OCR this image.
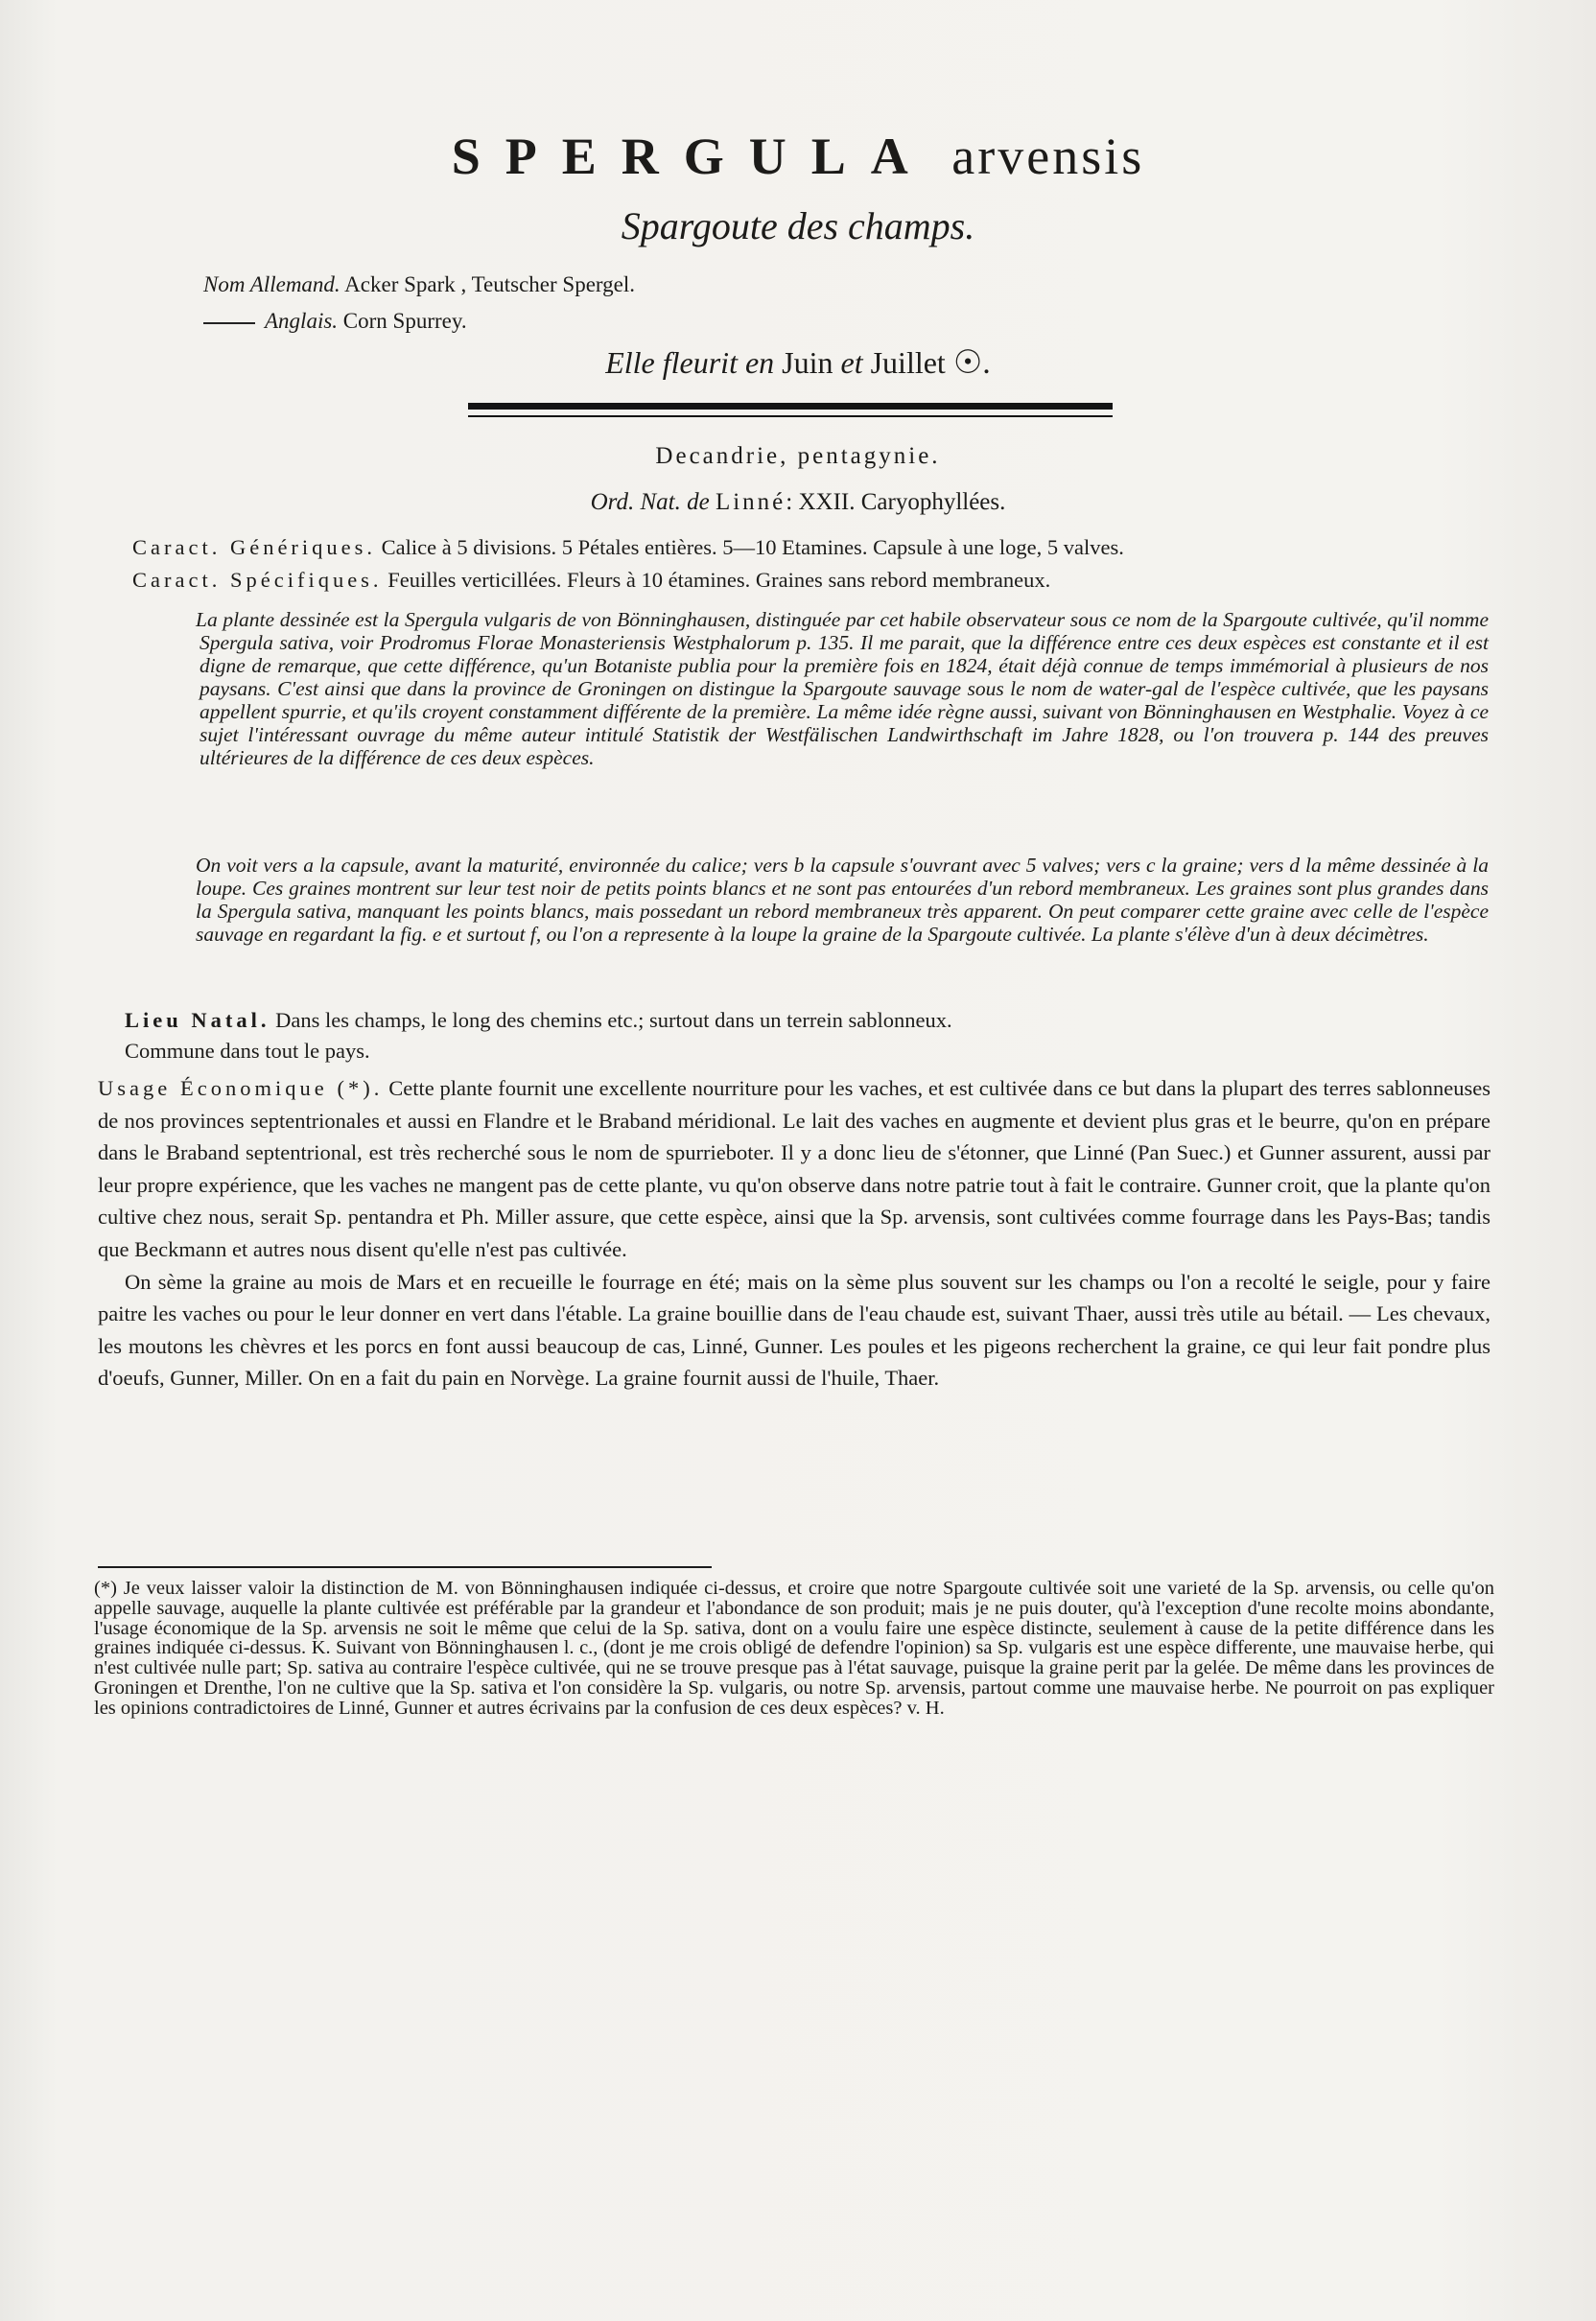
SPERGULA arvensis
Spargoute des champs.
Nom Allemand. Acker Spark , Teutscher Spergel.
Anglais. Corn Spurrey.
Elle fleurit en Juin et Juillet ☉.
Decandrie, pentagynie.
Ord. Nat. de Linné: XXII. Caryophyllées.
Caract. Génériques. Calice à 5 divisions. 5 Pétales entières. 5—10 Etamines. Capsule à une loge, 5 valves.
Caract. Spécifiques. Feuilles verticillées. Fleurs à 10 étamines. Graines sans rebord membraneux.
La plante dessinée est la Spergula vulgaris de von Bönninghausen, distinguée par cet habile observateur sous ce nom de la Spargoute cultivée, qu'il nomme Spergula sativa, voir Prodromus Florae Monasteriensis Westphalorum p. 135. Il me parait, que la différence entre ces deux espèces est constante et il est digne de remarque, que cette différence, qu'un Botaniste publia pour la première fois en 1824, était déjà connue de temps immémorial à plusieurs de nos paysans. C'est ainsi que dans la province de Groningen on distingue la Spargoute sauvage sous le nom de water-gal de l'espèce cultivée, que les paysans appellent spurrie, et qu'ils croyent constamment différente de la première. La même idée règne aussi, suivant von Bönninghausen en Westphalie. Voyez à ce sujet l'intéressant ouvrage du même auteur intitulé Statistik der Westfälischen Landwirthschaft im Jahre 1828, ou l'on trouvera p. 144 des preuves ultérieures de la différence de ces deux espèces.
On voit vers a la capsule, avant la maturité, environnée du calice; vers b la capsule s'ouvrant avec 5 valves; vers c la graine; vers d la même dessinée à la loupe. Ces graines montrent sur leur test noir de petits points blancs et ne sont pas entourées d'un rebord membraneux. Les graines sont plus grandes dans la Spergula sativa, manquant les points blancs, mais possedant un rebord membraneux très apparent. On peut comparer cette graine avec celle de l'espèce sauvage en regardant la fig. e et surtout f, ou l'on a represente à la loupe la graine de la Spargoute cultivée. La plante s'élève d'un à deux décimètres.
Lieu Natal. Dans les champs, le long des chemins etc.; surtout dans un terrein sablonneux.
Commune dans tout le pays.
Usage Économique (*). Cette plante fournit une excellente nourriture pour les vaches, et est cultivée dans ce but dans la plupart des terres sablonneuses de nos provinces septentrionales et aussi en Flandre et le Braband méridional. Le lait des vaches en augmente et devient plus gras et le beurre, qu'on en prépare dans le Braband septentrional, est très recherché sous le nom de spurrieboter. Il y a donc lieu de s'étonner, que Linné (Pan Suec.) et Gunner assurent, aussi par leur propre expérience, que les vaches ne mangent pas de cette plante, vu qu'on observe dans notre patrie tout à fait le contraire. Gunner croit, que la plante qu'on cultive chez nous, serait Sp. pentandra et Ph. Miller assure, que cette espèce, ainsi que la Sp. arvensis, sont cultivées comme fourrage dans les Pays-Bas; tandis que Beckmann et autres nous disent qu'elle n'est pas cultivée.
On sème la graine au mois de Mars et en recueille le fourrage en été; mais on la sème plus souvent sur les champs ou l'on a recolté le seigle, pour y faire paitre les vaches ou pour le leur donner en vert dans l'étable. La graine bouillie dans de l'eau chaude est, suivant Thaer, aussi très utile au bétail. — Les chevaux, les moutons les chèvres et les porcs en font aussi beaucoup de cas, Linné, Gunner. Les poules et les pigeons recherchent la graine, ce qui leur fait pondre plus d'oeufs, Gunner, Miller. On en a fait du pain en Norvège. La graine fournit aussi de l'huile, Thaer.
(*) Je veux laisser valoir la distinction de M. von Bönninghausen indiquée ci-dessus, et croire que notre Spargoute cultivée soit une varieté de la Sp. arvensis, ou celle qu'on appelle sauvage, auquelle la plante cultivée est préférable par la grandeur et l'abondance de son produit; mais je ne puis douter, qu'à l'exception d'une recolte moins abondante, l'usage économique de la Sp. arvensis ne soit le même que celui de la Sp. sativa, dont on a voulu faire une espèce distincte, seulement à cause de la petite différence dans les graines indiquée ci-dessus. K. Suivant von Bönninghausen l. c., (dont je me crois obligé de defendre l'opinion) sa Sp. vulgaris est une espèce differente, une mauvaise herbe, qui n'est cultivée nulle part; Sp. sativa au contraire l'espèce cultivée, qui ne se trouve presque pas à l'état sauvage, puisque la graine perit par la gelée. De même dans les provinces de Groningen et Drenthe, l'on ne cultive que la Sp. sativa et l'on considère la Sp. vulgaris, ou notre Sp. arvensis, partout comme une mauvaise herbe. Ne pourroit on pas expliquer les opinions contradictoires de Linné, Gunner et autres écrivains par la confusion de ces deux espèces? v. H.
